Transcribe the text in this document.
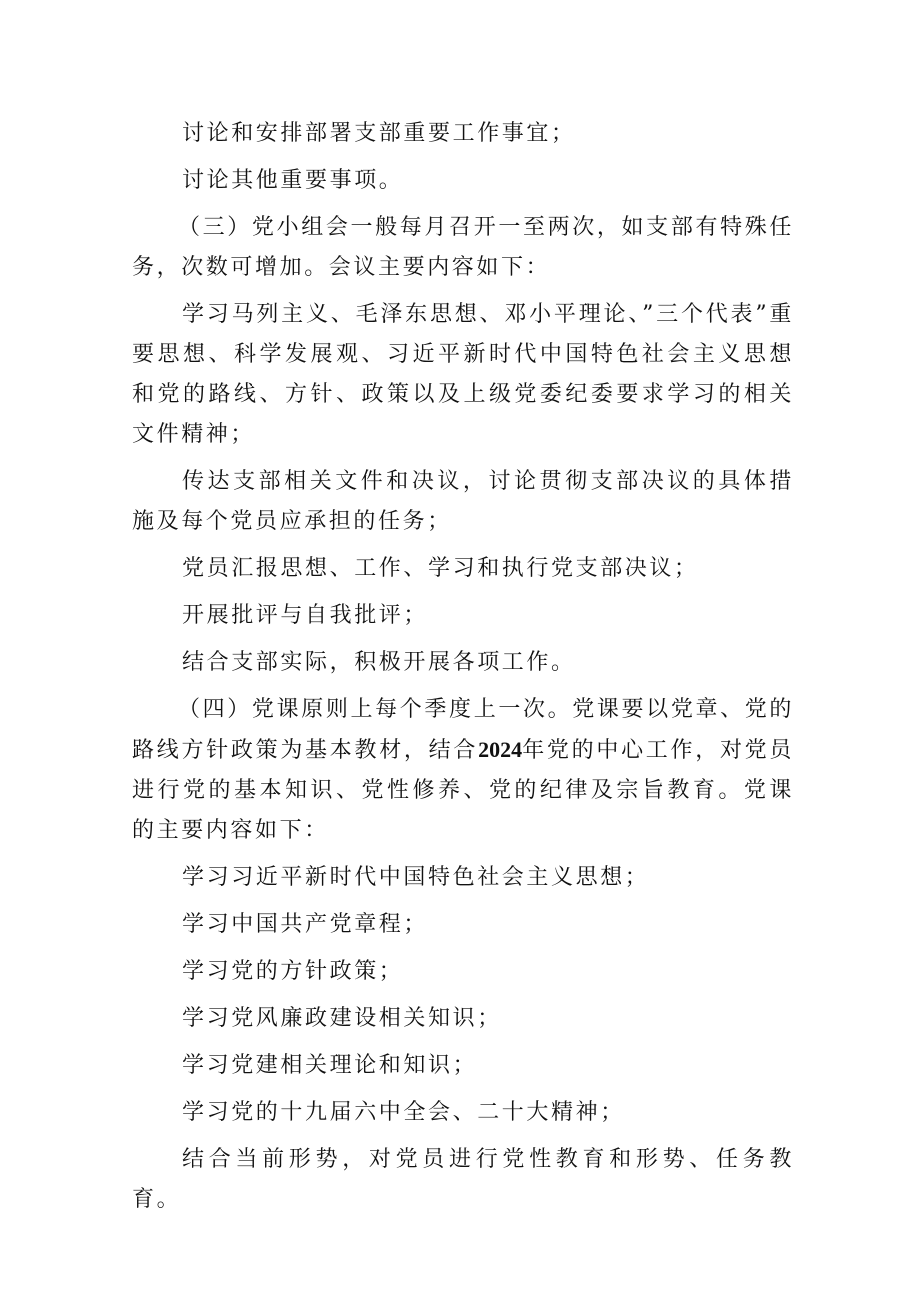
讨论和安排部署支部重要工作事宜；

讨论其他重要事项。

（三）党小组会一般每月召开一至两次，如支部有特殊任务，次数可增加。会议主要内容如下：

学习马列主义、毛泽东思想、邓小平理论、”三个代表”重要思想、科学发展观、习近平新时代中国特色社会主义思想和党的路线、方针、政策以及上级党委纪委要求学习的相关文件精神；

传达支部相关文件和决议，讨论贯彻支部决议的具体措施及每个党员应承担的任务；

党员汇报思想、工作、学习和执行党支部决议；

开展批评与自我批评；

结合支部实际，积极开展各项工作。

（四）党课原则上每个季度上一次。党课要以党章、党的路线方针政策为基本教材，结合2024年党的中心工作，对党员进行党的基本知识、党性修养、党的纪律及宗旨教育。党课的主要内容如下：

学习习近平新时代中国特色社会主义思想；

学习中国共产党章程；

学习党的方针政策；

学习党风廉政建设相关知识；

学习党建相关理论和知识；

学习党的十九届六中全会、二十大精神；

结合当前形势，对党员进行党性教育和形势、任务教育。
